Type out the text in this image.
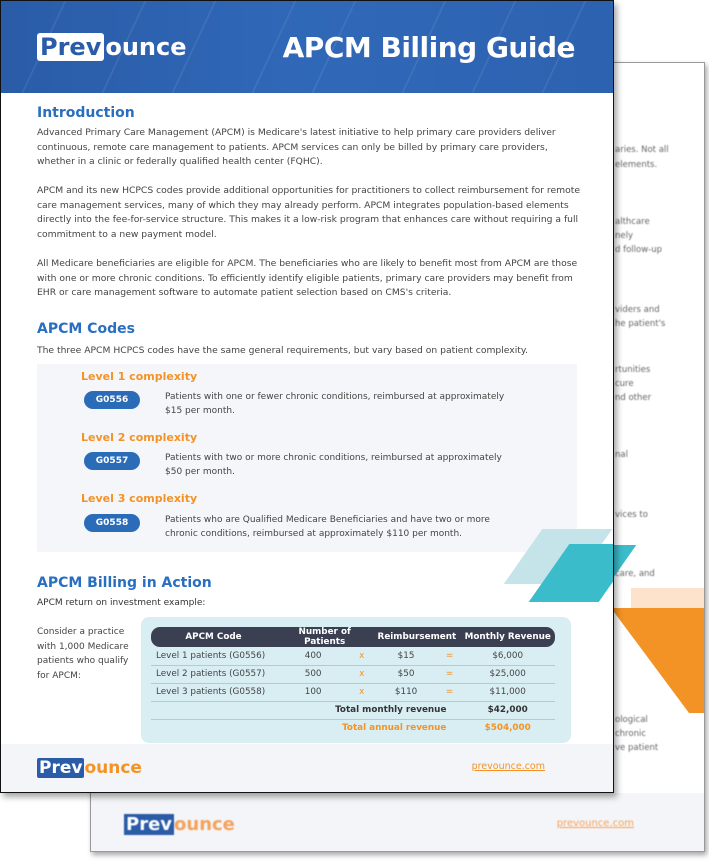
aries. Not all
elements.
althcare
nely
d follow-up
viders and
he patient's
rtunities
cure
nd other
nal
vices to
care, and
ological
chronic
ve patient
Prev ounce	prevounce.com
Prev ounce	APCM Billing Guide
Introduction
Advanced Primary Care Management (APCM) is Medicare's latest initiative to help primary care providers deliver continuous, remote care management to patients. APCM services can only be billed by primary care providers, whether in a clinic or federally qualified health center (FQHC).
APCM and its new HCPCS codes provide additional opportunities for practitioners to collect reimbursement for remote care management services, many of which they may already perform. APCM integrates population-based elements directly into the fee-for-service structure. This makes it a low-risk program that enhances care without requiring a full commitment to a new payment model.
All Medicare beneficiaries are eligible for APCM. The beneficiaries who are likely to benefit most from APCM are those with one or more chronic conditions. To efficiently identify eligible patients, primary care providers may benefit from EHR or care management software to automate patient selection based on CMS's criteria.
APCM Codes
The three APCM HCPCS codes have the same general requirements, but vary based on patient complexity.
Level 1 complexity
G0556	Patients with one or fewer chronic conditions, reimbursed at approximately $15 per month.
Level 2 complexity
G0557	Patients with two or more chronic conditions, reimbursed at approximately $50 per month.
Level 3 complexity
G0558	Patients who are Qualified Medicare Beneficiaries and have two or more chronic conditions, reimbursed at approximately $110 per month.
APCM Billing in Action
APCM return on investment example:
Consider a practice with 1,000 Medicare patients who qualify for APCM:
APCM Code	Number of Patients		Reimbursement		Monthly Revenue
Level 1 patients (G0556)	400	x	$15	=	$6,000
Level 2 patients (G0557)	500	x	$50	=	$25,000
Level 3 patients (G0558)	100	x	$110	=	$11,000
Total monthly revenue					$42,000
Total annual revenue					$504,000
Prev ounce	prevounce.com
